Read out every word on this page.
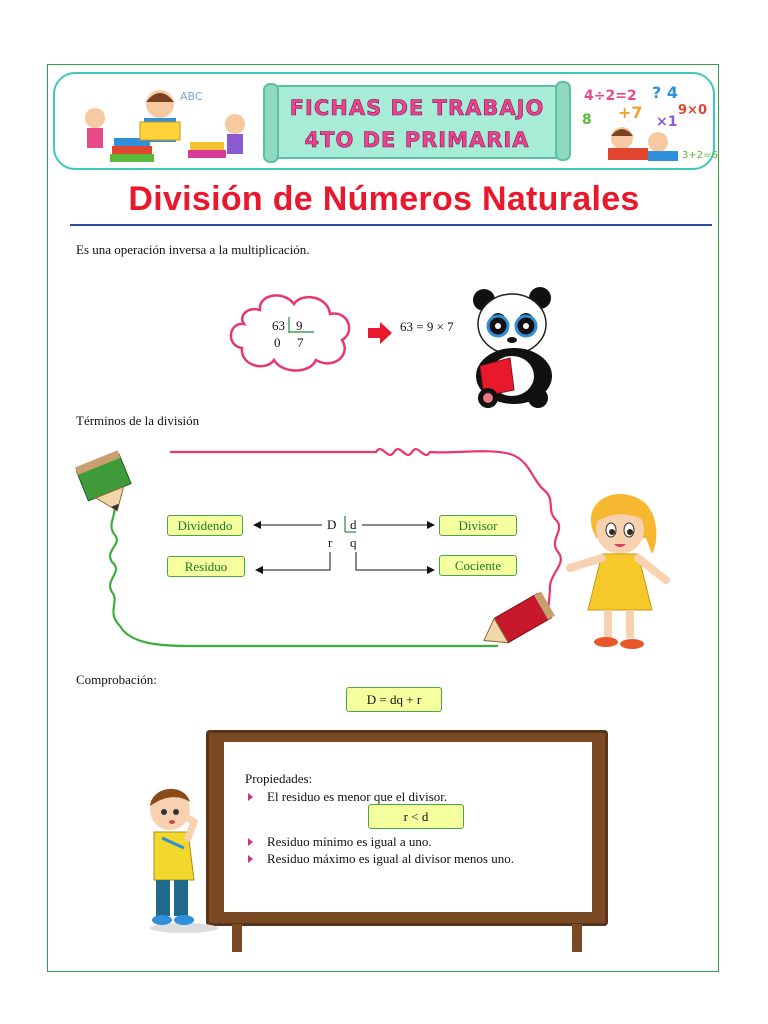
ABC	FICHAS DE TRABAJO
4TO DE PRIMARIA
4÷2=2 ? 4
9×0
8 +7 ×1
3+2=6
División de Números Naturales
Es una operación inversa a la multiplicación.
63 9
0 7
63 = 9 × 7
Términos de la división
Dividendo	Divisor
Residuo	Cociente
D d
r q
Comprobación:
D = dq + r
Propiedades:
El residuo es menor que el divisor.
r < d
Residuo mínimo es igual a uno.
Residuo máximo es igual al divisor menos uno.
